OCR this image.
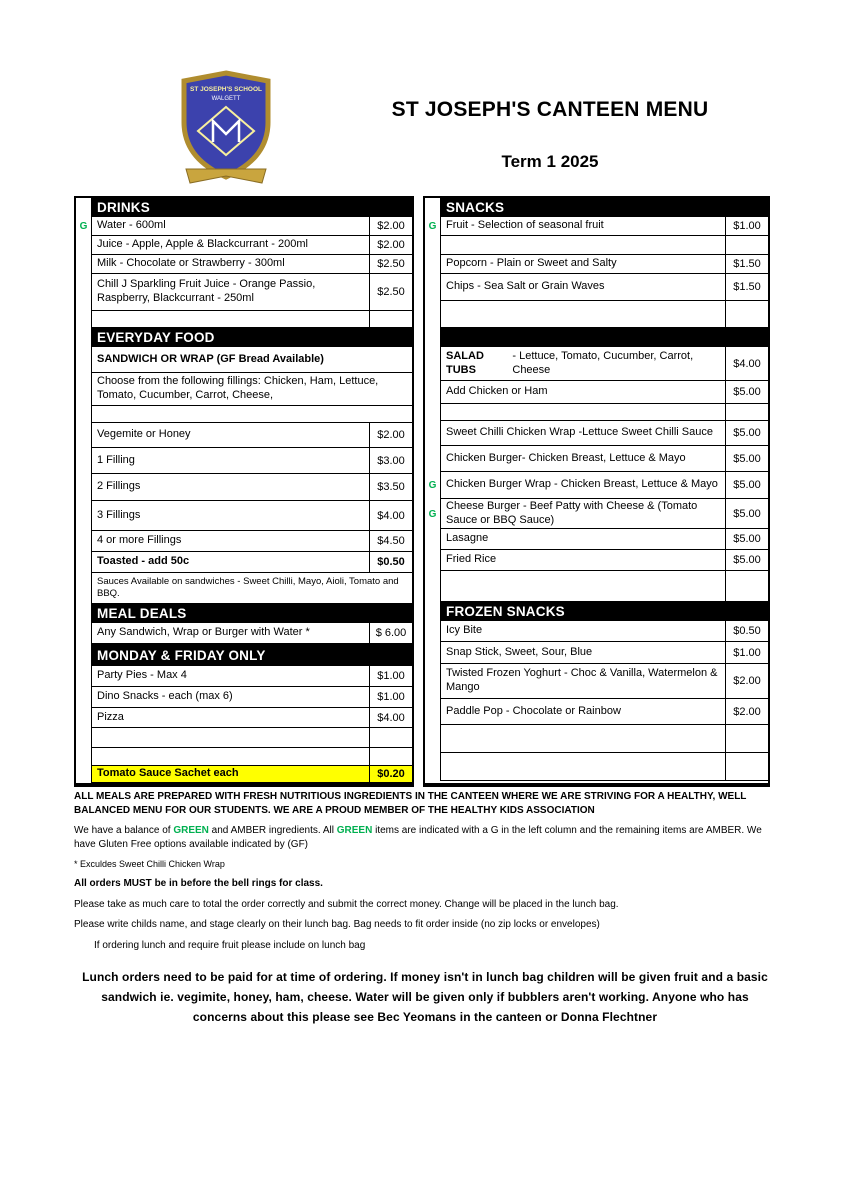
ST JOSEPH'S SCHOOL
WALGETT	ST JOSEPH'S CANTEEN MENU
Term 1 2025
DRINKS
G Water - 600ml	$2.00
Juice - Apple, Apple & Blackcurrant - 200ml	$2.00
Milk - Chocolate or Strawberry - 300ml	$2.50
Chill J Sparkling Fruit Juice - Orange Passio, Raspberry, Blackcurrant - 250ml	$2.50
EVERYDAY FOOD
SANDWICH OR WRAP (GF Bread Available)
Choose from the following fillings: Chicken, Ham, Lettuce, Tomato, Cucumber, Carrot, Cheese,
Vegemite or Honey	$2.00
1 Filling	$3.00
2 Fillings	$3.50
3 Fillings	$4.00
4 or more Fillings	$4.50
Toasted - add 50c	$0.50
Sauces Available on sandwiches - Sweet Chilli, Mayo, Aioli, Tomato and BBQ.
MEAL DEALS
Any Sandwich, Wrap or Burger with Water *	$ 6.00
MONDAY & FRIDAY ONLY
Party Pies - Max 4	$1.00
Dino Snacks - each (max 6)	$1.00
Pizza	$4.00
Tomato Sauce Sachet each	$0.20
SNACKS
G Fruit - Selection of seasonal fruit	$1.00
Popcorn - Plain or Sweet and Salty	$1.50
Chips - Sea Salt or Grain Waves	$1.50

SALAD TUBS
- Lettuce, Tomato, Cucumber, Carrot, Cheese	$4.00
Add Chicken or Ham	$5.00
Sweet Chilli Chicken Wrap -Lettuce Sweet Chilli Sauce	$5.00
Chicken Burger- Chicken Breast, Lettuce & Mayo	$5.00
G Chicken Burger Wrap - Chicken Breast, Lettuce & Mayo	$5.00
G
Cheese Burger - Beef Patty with Cheese & (Tomato Sauce or BBQ Sauce)	$5.00
Lasagne	$5.00
Fried Rice	$5.00
FROZEN SNACKS
Icy Bite	$0.50
Snap Stick, Sweet, Sour, Blue	$1.00
Twisted Frozen Yoghurt - Choc & Vanilla, Watermelon & Mango	$2.00
Paddle Pop - Chocolate or Rainbow	$2.00

ALL MEALS ARE PREPARED WITH FRESH NUTRITIOUS INGREDIENTS IN THE CANTEEN WHERE WE ARE STRIVING FOR A HEALTHY, WELL BALANCED MENU FOR OUR STUDENTS. WE ARE A PROUD MEMBER OF THE HEALTHY KIDS ASSOCIATION

We have a balance of GREEN and AMBER ingredients. All GREEN items are indicated with a G in the left column and the remaining items are AMBER. We have Gluten Free options available indicated by (GF)

* Exculdes Sweet Chilli Chicken Wrap

All orders MUST be in before the bell rings for class.

Please take as much care to total the order correctly and submit the correct money. Change will be placed in the lunch bag.

Please write childs name, and stage clearly on their lunch bag. Bag needs to fit order inside (no zip locks or envelopes)

If ordering lunch and require fruit please include on lunch bag

Lunch orders need to be paid for at time of ordering. If money isn't in lunch bag children will be given fruit and a basic sandwich ie. vegimite, honey, ham, cheese. Water will be given only if bubblers aren't working. Anyone who has concerns about this please see Bec Yeomans in the canteen or Donna Flechtner
